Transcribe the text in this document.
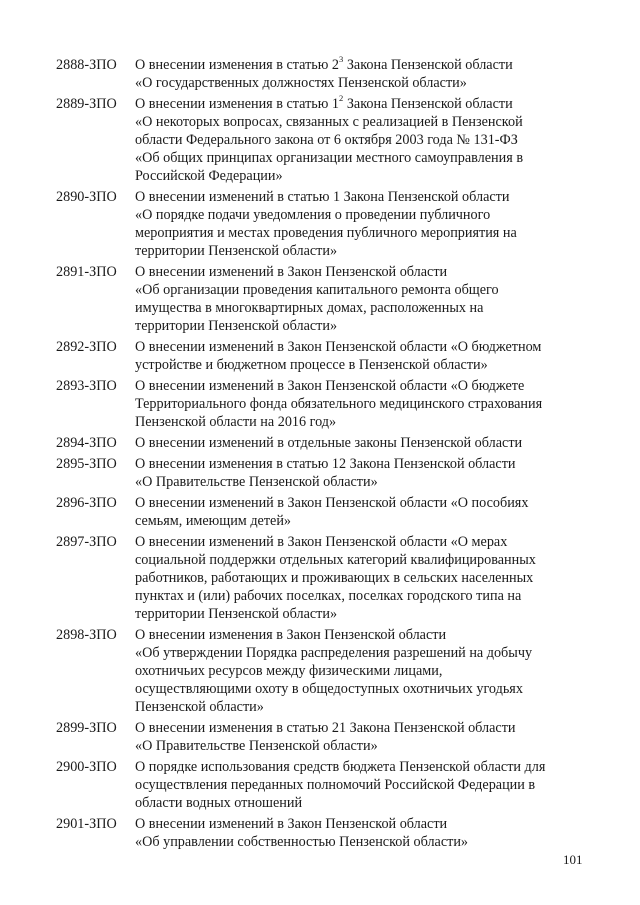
2888-ЗПО	О внесении изменения в статью $2^3$ Закона Пензенской области
«О государственных должностях Пензенской области»
2889-ЗПО	О внесении изменения в статью $1^2$ Закона Пензенской области
«О некоторых вопросах, связанных с реализацией в Пензенской
области Федерального закона от 6 октября 2003 года № 131-ФЗ
«Об общих принципах организации местного самоуправления в
Российской Федерации»
2890-ЗПО	О внесении изменений в статью 1 Закона Пензенской области
«О порядке подачи уведомления о проведении публичного
мероприятия и местах проведения публичного мероприятия на
территории Пензенской области»
2891-ЗПО	О внесении изменений в Закон Пензенской области
«Об организации проведения капитального ремонта общего
имущества в многоквартирных домах, расположенных на
территории Пензенской области»
2892-ЗПО	О внесении изменений в Закон Пензенской области «О бюджетном
устройстве и бюджетном процессе в Пензенской области»
2893-ЗПО	О внесении изменений в Закон Пензенской области «О бюджете
Территориального фонда обязательного медицинского страхования
Пензенской области на 2016 год»
2894-ЗПО	О внесении изменений в отдельные законы Пензенской области
2895-ЗПО	О внесении изменения в статью 12 Закона Пензенской области
«О Правительстве Пензенской области»
2896-ЗПО	О внесении изменений в Закон Пензенской области «О пособиях
семьям, имеющим детей»
2897-ЗПО	О внесении изменений в Закон Пензенской области «О мерах
социальной поддержки отдельных категорий квалифицированных
работников, работающих и проживающих в сельских населенных
пунктах и (или) рабочих поселках, поселках городского типа на
территории Пензенской области»
2898-ЗПО	О внесении изменения в Закон Пензенской области
«Об утверждении Порядка распределения разрешений на добычу
охотничьих ресурсов между физическими лицами,
осуществляющими охоту в общедоступных охотничьих угодьях
Пензенской области»
2899-ЗПО	О внесении изменения в статью 21 Закона Пензенской области
«О Правительстве Пензенской области»
2900-ЗПО	О порядке использования средств бюджета Пензенской области для
осуществления переданных полномочий Российской Федерации в
области водных отношений
2901-ЗПО	О внесении изменений в Закон Пензенской области
«Об управлении собственностью Пензенской области»
101
